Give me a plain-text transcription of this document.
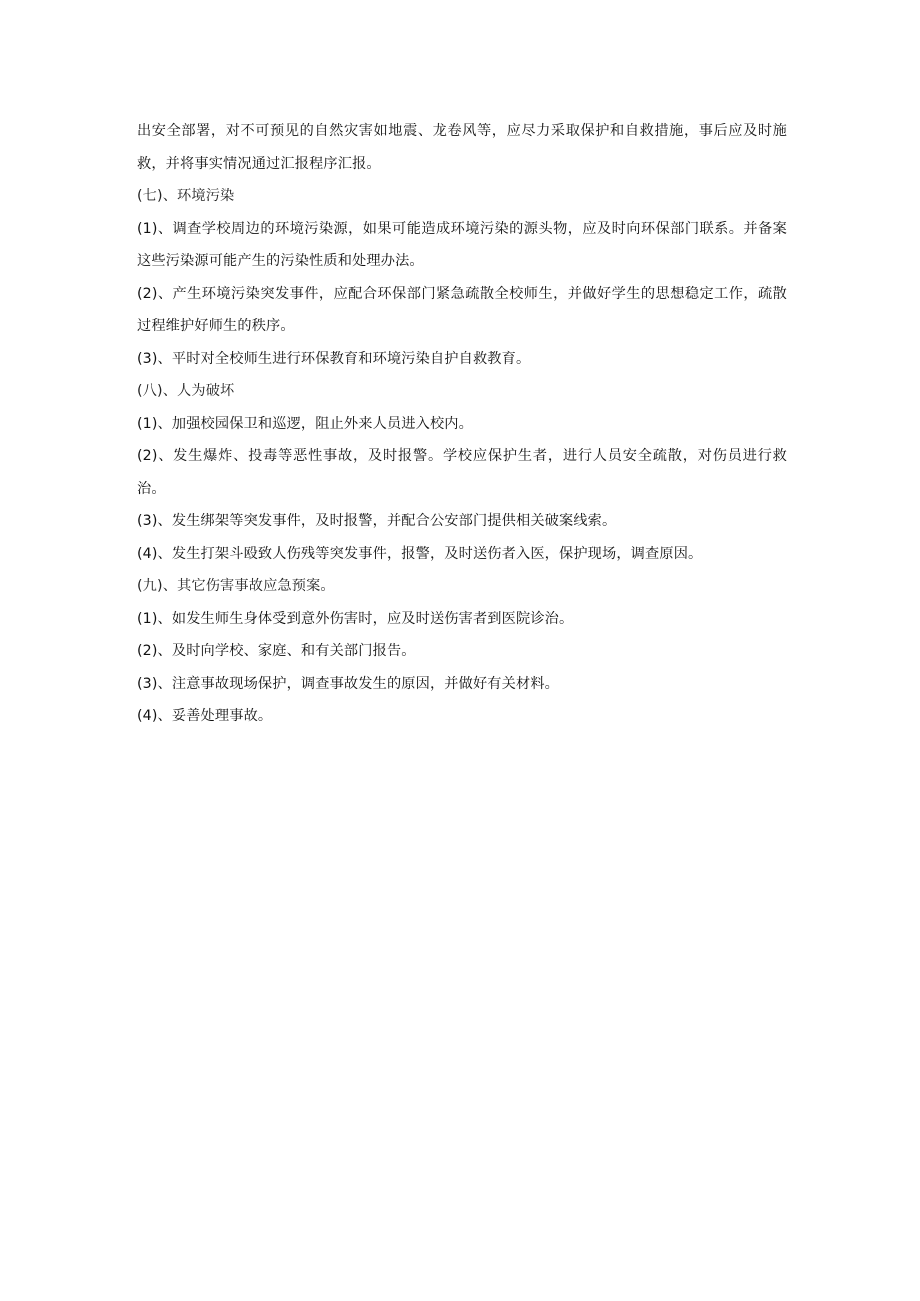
出安全部署，对不可预见的自然灾害如地震、龙卷风等，应尽力采取保护和自救措施，事后应及时施救，并将事实情况通过汇报程序汇报。

(七)、环境污染

(1)、调查学校周边的环境污染源，如果可能造成环境污染的源头物，应及时向环保部门联系。并备案这些污染源可能产生的污染性质和处理办法。

(2)、产生环境污染突发事件，应配合环保部门紧急疏散全校师生，并做好学生的思想稳定工作，疏散过程维护好师生的秩序。

(3)、平时对全校师生进行环保教育和环境污染自护自救教育。

(八)、人为破坏

(1)、加强校园保卫和巡逻，阻止外来人员进入校内。

(2)、发生爆炸、投毒等恶性事故，及时报警。学校应保护生者，进行人员安全疏散，对伤员进行救治。

(3)、发生绑架等突发事件，及时报警，并配合公安部门提供相关破案线索。

(4)、发生打架斗殴致人伤残等突发事件，报警，及时送伤者入医，保护现场，调查原因。

(九)、其它伤害事故应急预案。

(1)、如发生师生身体受到意外伤害时，应及时送伤害者到医院诊治。

(2)、及时向学校、家庭、和有关部门报告。

(3)、注意事故现场保护，调查事故发生的原因，并做好有关材料。

(4)、妥善处理事故。
